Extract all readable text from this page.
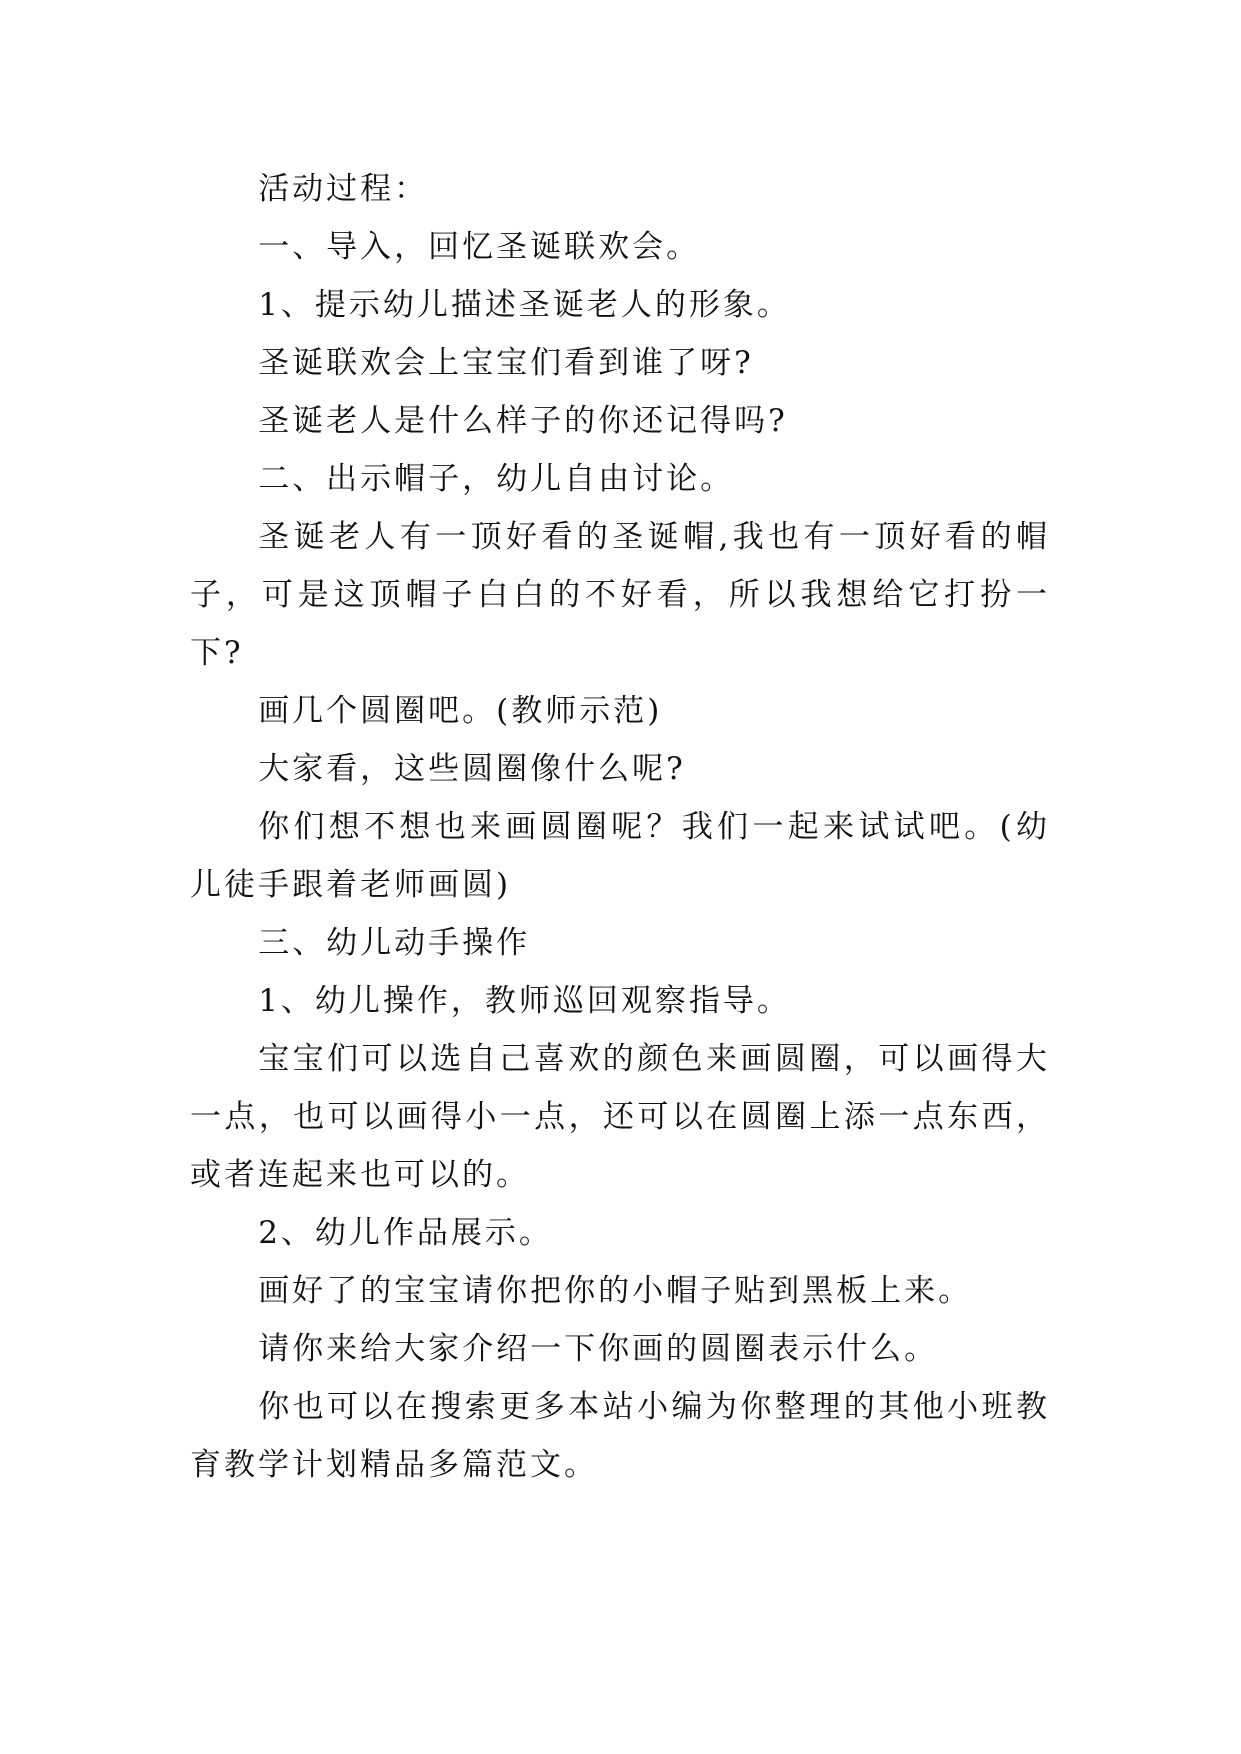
活动过程：

一、导入，回忆圣诞联欢会。

1、提示幼儿描述圣诞老人的形象。

圣诞联欢会上宝宝们看到谁了呀?

圣诞老人是什么样子的你还记得吗?

二、出示帽子，幼儿自由讨论。

圣诞老人有一顶好看的圣诞帽,我也有一顶好看的帽子，可是这顶帽子白白的不好看，所以我想给它打扮一下?

画几个圆圈吧。(教师示范)

大家看，这些圆圈像什么呢?

你们想不想也来画圆圈呢？我们一起来试试吧。(幼儿徒手跟着老师画圆)

三、幼儿动手操作

1、幼儿操作，教师巡回观察指导。

宝宝们可以选自己喜欢的颜色来画圆圈，可以画得大一点，也可以画得小一点，还可以在圆圈上添一点东西，或者连起来也可以的。

2、幼儿作品展示。

画好了的宝宝请你把你的小帽子贴到黑板上来。

请你来给大家介绍一下你画的圆圈表示什么。

你也可以在搜索更多本站小编为你整理的其他小班教育教学计划精品多篇范文。
